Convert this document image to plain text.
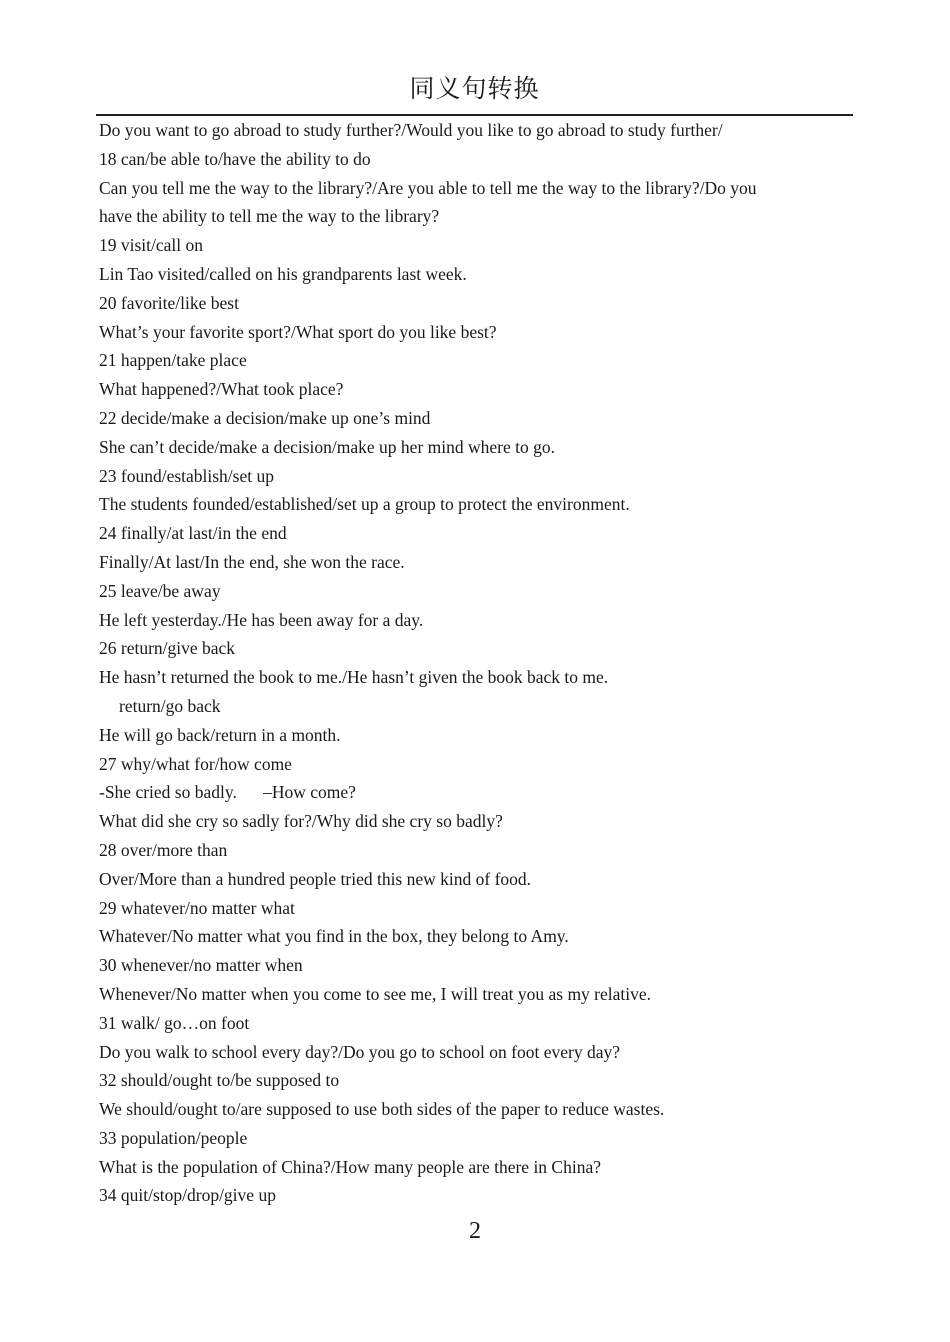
同义句转换
Do you want to go abroad to study further?/Would you like to go abroad to study further/
18 can/be able to/have the ability to do
Can you tell me the way to the library?/Are you able to tell me the way to the library?/Do you
have the ability to tell me the way to the library?
19 visit/call on
Lin Tao visited/called on his grandparents last week.
20 favorite/like best
What’s your favorite sport?/What sport do you like best?
21 happen/take place
What happened?/What took place?
22 decide/make a decision/make up one’s mind
She can’t decide/make a decision/make up her mind where to go.
23 found/establish/set up
The students founded/established/set up a group to protect the environment.
24 finally/at last/in the end
Finally/At last/In the end, she won the race.
25 leave/be away
He left yesterday./He has been away for a day.
26 return/give back
He hasn’t returned the book to me./He hasn’t given the book back to me.
return/go back
He will go back/return in a month.
27 why/what for/how come
-She cried so badly.      –How come?
What did she cry so sadly for?/Why did she cry so badly?
28 over/more than
Over/More than a hundred people tried this new kind of food.
29 whatever/no matter what
Whatever/No matter what you find in the box, they belong to Amy.
30 whenever/no matter when
Whenever/No matter when you come to see me, I will treat you as my relative.
31 walk/ go…on foot
Do you walk to school every day?/Do you go to school on foot every day?
32 should/ought to/be supposed to
We should/ought to/are supposed to use both sides of the paper to reduce wastes.
33 population/people
What is the population of China?/How many people are there in China?
34 quit/stop/drop/give up
2
